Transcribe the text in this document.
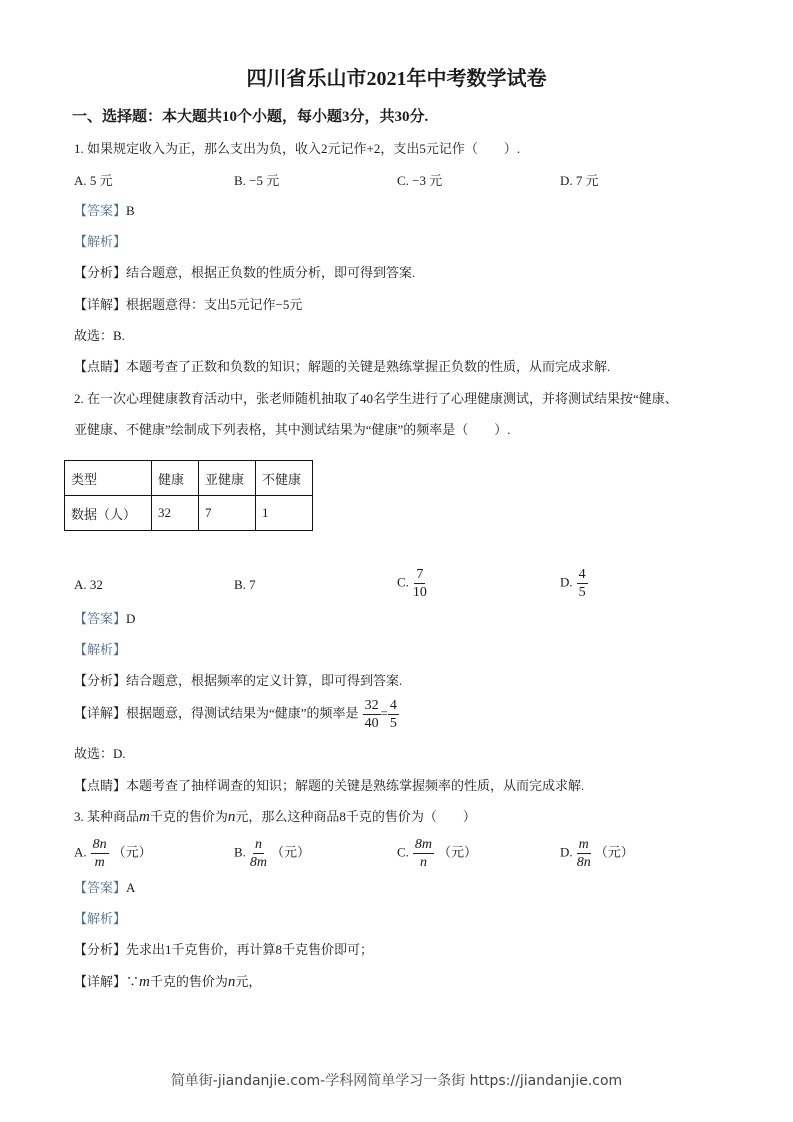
四川省乐山市2021年中考数学试卷
一、选择题：本大题共10个小题，每小题3分，共30分.
1. 如果规定收入为正，那么支出为负，收入2元记作+2，支出5元记作（　　）.
A. 5 元	B. −5 元	C. −3 元	D. 7 元
【答案】B
【解析】
【分析】结合题意，根据正负数的性质分析，即可得到答案.
【详解】根据题意得：支出5元记作−5元
故选：B.
【点睛】本题考查了正数和负数的知识；解题的关键是熟练掌握正负数的性质，从而完成求解.
2. 在一次心理健康教育活动中，张老师随机抽取了40名学生进行了心理健康测试，并将测试结果按“健康、
亚健康、不健康”绘制成下列表格，其中测试结果为“健康”的频率是（　　）.
类型	健康	亚健康	不健康
数据（人）	32	7	1
A. 32	B. 7	C. $\frac{7}{10}$	D. $\frac{4}{5}$
【答案】D
【解析】
【分析】结合题意，根据频率的定义计算，即可得到答案.
【详解】根据题意，得测试结果为“健康”的频率是 $\frac{32}{40} = \frac{4}{5}$
故选：D.
【点睛】本题考查了抽样调查的知识；解题的关键是熟练掌握频率的性质，从而完成求解.
3. 某种商品m千克的售价为n元，那么这种商品8千克的售价为（　　）
A. $\frac{8n}{m}$ （元）	B. $\frac{n}{8m}$ （元）	C. $\frac{8m}{n}$ （元）	D. $\frac{m}{8n}$ （元）
【答案】A
【解析】
【分析】先求出1千克售价，再计算8千克售价即可；
【详解】∵m千克的售价为n元，
简单街-jiandanjie.com-学科网简单学习一条街 https://jiandanjie.com
